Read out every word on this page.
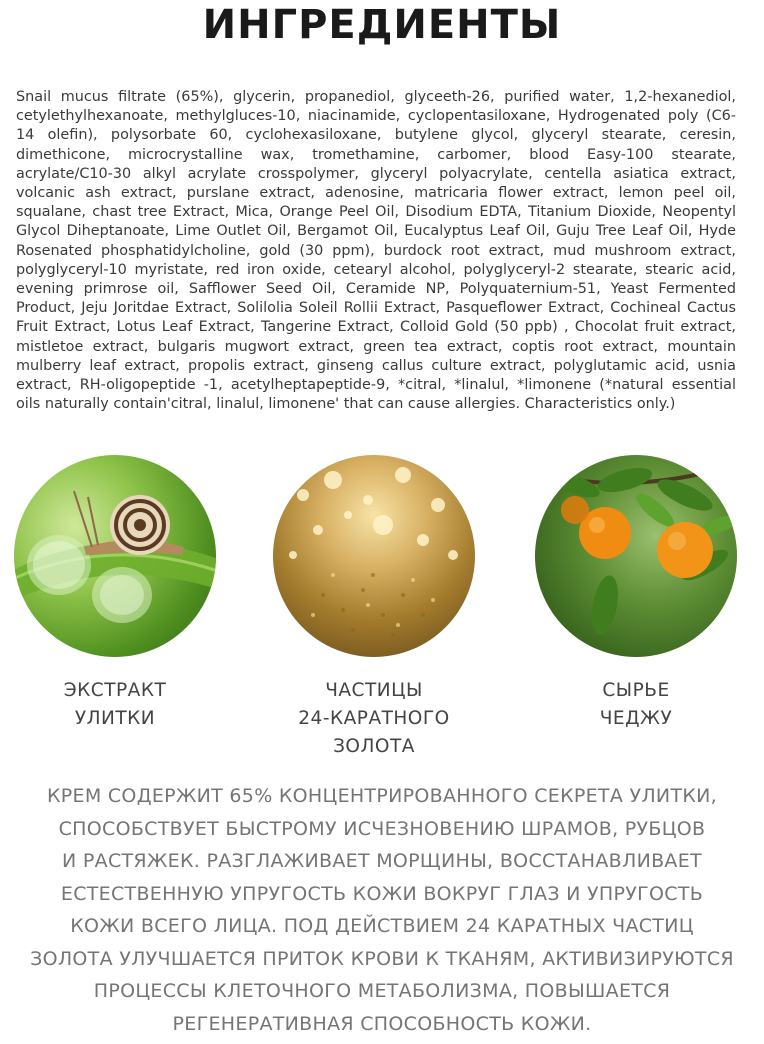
ИНГРЕДИЕНТЫ

Snail mucus filtrate (65%), glycerin, propanediol, glyceeth-26, purified water, 1,2-hexanediol, cetylethylhexanoate, methylgluces-10, niacinamide, cyclopentasiloxane, Hydrogenated poly (C6-14 olefin), polysorbate 60, cyclohexasiloxane, butylene glycol, glyceryl stearate, ceresin, dimethicone, microcrystalline wax, tromethamine, carbomer, blood Easy-100 stearate, acrylate/C10-30 alkyl acrylate crosspolymer, glyceryl polyacrylate, centella asiatica extract, volcanic ash extract, purslane extract, adenosine, matricaria flower extract, lemon peel oil, squalane, chast tree Extract, Mica, Orange Peel Oil, Disodium EDTA, Titanium Dioxide, Neopentyl Glycol Diheptanoate, Lime Outlet Oil, Bergamot Oil, Eucalyptus Leaf Oil, Guju Tree Leaf Oil, Hyde Rosenated phosphatidylcholine, gold (30 ppm), burdock root extract, mud mushroom extract, polyglyceryl-10 myristate, red iron oxide, cetearyl alcohol, polyglyceryl-2 stearate, stearic acid, evening primrose oil, Safflower Seed Oil, Ceramide NP, Polyquaternium-51, Yeast Fermented Product, Jeju Joritdae Extract, Solilolia Soleil Rollii Extract, Pasqueflower Extract, Cochineal Cactus Fruit Extract, Lotus Leaf Extract, Tangerine Extract, Colloid Gold (50 ppb) , Chocolat fruit extract, mistletoe extract, bulgaris mugwort extract, green tea extract, coptis root extract, mountain mulberry leaf extract, propolis extract, ginseng callus culture extract, polyglutamic acid, usnia extract, RH-oligopeptide -1, acetylheptapeptide-9, *citral, *linalul, *limonene (*natural essential oils naturally contain'citral, linalul, limonene' that can cause allergies. Characteristics only.)

ЭКСТРАКТ
УЛИТКИ
ЧАСТИЦЫ
24-КАРАТНОГО
ЗОЛОТА
СЫРЬЕ
ЧЕДЖУ
КРЕМ СОДЕРЖИТ 65% КОНЦЕНТРИРОВАННОГО СЕКРЕТА УЛИТКИ,
СПОСОБСТВУЕТ БЫСТРОМУ ИСЧЕЗНОВЕНИЮ ШРАМОВ, РУБЦОВ
И РАСТЯЖЕК. РАЗГЛАЖИВАЕТ МОРЩИНЫ, ВОССТАНАВЛИВАЕТ
ЕСТЕСТВЕННУЮ УПРУГОСТЬ КОЖИ ВОКРУГ ГЛАЗ И УПРУГОСТЬ
КОЖИ ВСЕГО ЛИЦА. ПОД ДЕЙСТВИЕМ 24 КАРАТНЫХ ЧАСТИЦ
ЗОЛОТА УЛУЧШАЕТСЯ ПРИТОК КРОВИ К ТКАНЯМ, АКТИВИЗИРУЮТСЯ
ПРОЦЕССЫ КЛЕТОЧНОГО МЕТАБОЛИЗМА, ПОВЫШАЕТСЯ
РЕГЕНЕРАТИВНАЯ СПОСОБНОСТЬ КОЖИ.
